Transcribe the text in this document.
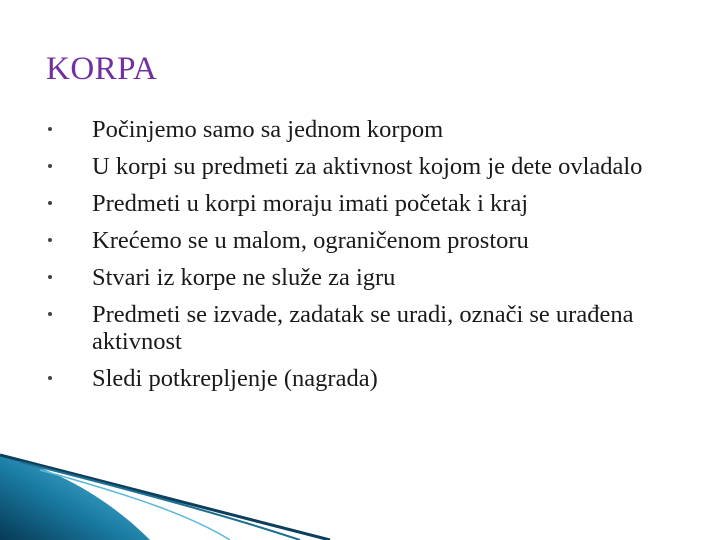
KORPA
Počinjemo samo sa jednom korpom
U korpi su predmeti za aktivnost kojom je dete ovladalo
Predmeti u korpi moraju imati početak i kraj
Krećemo se u malom, ograničenom prostoru
Stvari iz korpe ne služe za igru
Predmeti se izvade, zadatak se uradi, označi se urađena aktivnost
Sledi potkrepljenje (nagrada)
